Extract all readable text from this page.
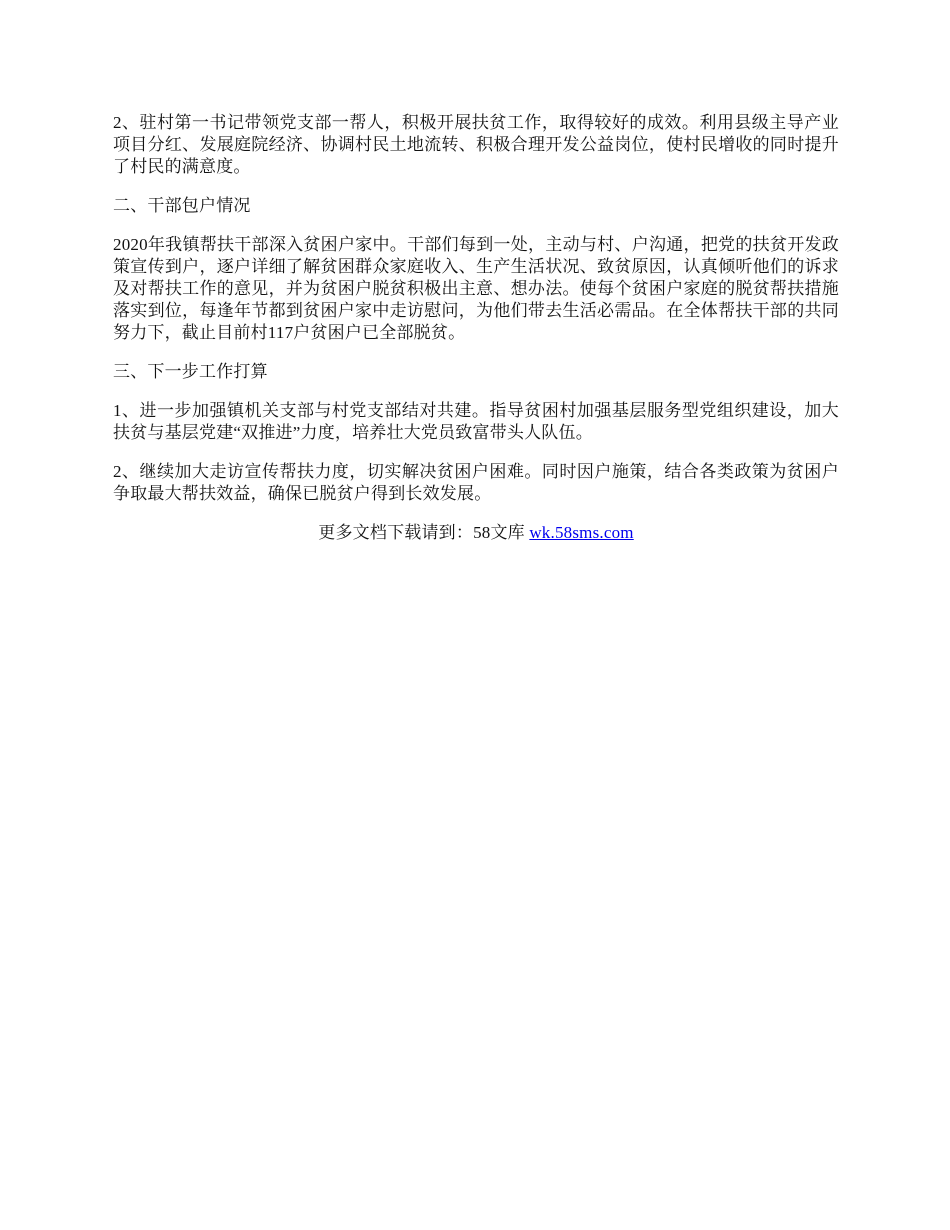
2、驻村第一书记带领党支部一帮人，积极开展扶贫工作，取得较好的成效。利用县级主导产业项目分红、发展庭院经济、协调村民土地流转、积极合理开发公益岗位，使村民增收的同时提升了村民的满意度。

二、干部包户情况

2020年我镇帮扶干部深入贫困户家中。干部们每到一处，主动与村、户沟通，把党的扶贫开发政策宣传到户，逐户详细了解贫困群众家庭收入、生产生活状况、致贫原因，认真倾听他们的诉求及对帮扶工作的意见，并为贫困户脱贫积极出主意、想办法。使每个贫困户家庭的脱贫帮扶措施落实到位，每逢年节都到贫困户家中走访慰问，为他们带去生活必需品。在全体帮扶干部的共同努力下，截止目前村117户贫困户已全部脱贫。

三、下一步工作打算

1、进一步加强镇机关支部与村党支部结对共建。指导贫困村加强基层服务型党组织建设，加大扶贫与基层党建“双推进”力度，培养壮大党员致富带头人队伍。

2、继续加大走访宣传帮扶力度，切实解决贫困户困难。同时因户施策，结合各类政策为贫困户争取最大帮扶效益，确保已脱贫户得到长效发展。

更多文档下载请到：58文库 wk.58sms.com
